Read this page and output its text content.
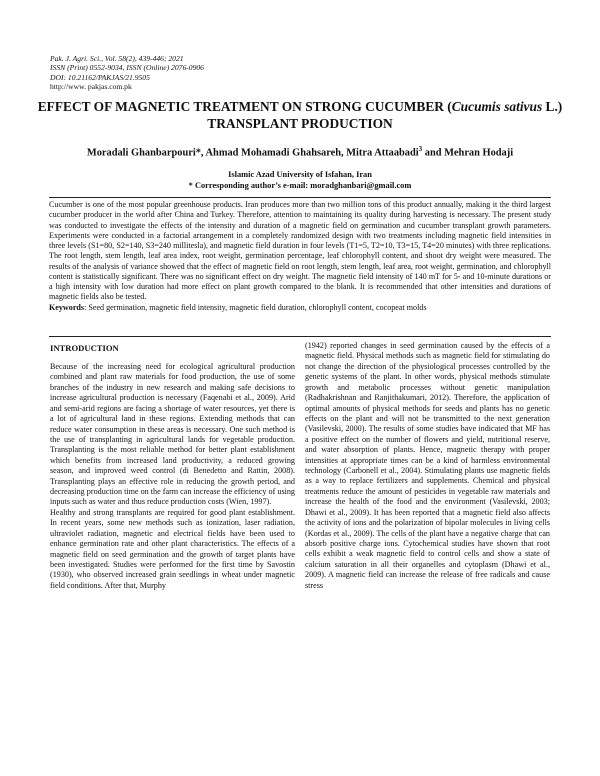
Pak. J. Agri. Sci., Vol. 58(2), 439-446; 2021
ISSN (Print) 0552-9034, ISSN (Online) 2076-0906
DOI: 10.21162/PAKJAS/21.9505
http://www. pakjas.com.pk
EFFECT OF MAGNETIC TREATMENT ON STRONG CUCUMBER (Cucumis sativus L.) TRANSPLANT PRODUCTION
Moradali Ghanbarpouri*, Ahmad Mohamadi Ghahsareh, Mitra Attaabadi$^3$ and Mehran Hodaji
Islamic Azad University of Isfahan, Iran
* Corresponding author’s e-mail: moradghanbari@gmail.com

Cucumber is one of the most popular greenhouse products. Iran produces more than two million tons of this product annually, making it the third largest cucumber producer in the world after China and Turkey. Therefore, attention to maintaining its quality during harvesting is necessary. The present study was conducted to investigate the effects of the intensity and duration of a magnetic field on germination and cucumber transplant growth parameters. Experiments were conducted in a factorial arrangement in a completely randomized design with two treatments including magnetic field intensities in three levels (S1=80, S2=140, S3=240 millitesla), and magnetic field duration in four levels (T1=5, T2=10, T3=15, T4=20 minutes) with three replications. The root length, stem length, leaf area index, root weight, germination percentage, leaf chlorophyll content, and shoot dry weight were measured. The results of the analysis of variance showed that the effect of magnetic field on root length, stem length, leaf area, root weight, germination, and chlorophyll content is statistically significant. There was no significant effect on dry weight. The magnetic field intensity of 140 mT for 5- and 10-minute durations or a high intensity with low duration had more effect on plant growth compared to the blank. It is recommended that other intensities and durations of magnetic fields also be tested.

Keywords: Seed germination, magnetic field intensity, magnetic field duration, chlorophyll content, cocopeat molds

INTRODUCTION

Because of the increasing need for ecological agricultural production combined and plant raw materials for food production, the use of some branches of the industry in new research and making safe decisions to increase agricultural production is necessary (Faqenabi et al., 2009). Arid and semi-arid regions are facing a shortage of water resources, yet there is a lot of agricultural land in these regions. Extending methods that can reduce water consumption in these areas is necessary. One such method is the use of transplanting in agricultural lands for vegetable production. Transplanting is the most reliable method for better plant establishment which benefits from increased land productivity, a reduced growing season, and improved weed control (di Benedetto and Rattin, 2008). Transplanting plays an effective role in reducing the growth period, and decreasing production time on the farm can increase the efficiency of using inputs such as water and thus reduce production costs (Wien, 1997).

Healthy and strong transplants are required for good plant establishment. In recent years, some new methods such as ionization, laser radiation, ultraviolet radiation, magnetic and electrical fields have been used to enhance germination rate and other plant characteristics. The effects of a magnetic field on seed germination and the growth of target plants have been investigated. Studies were performed for the first time by Savostin (1930), who observed increased grain seedlings in wheat under magnetic field conditions. After that, Murphy

(1942) reported changes in seed germination caused by the effects of a magnetic field. Physical methods such as magnetic field for stimulating do not change the direction of the physiological processes controlled by the genetic systems of the plant. In other words, physical methods stimulate growth and metabolic processes without genetic manipulation (Radhakrishnan and Ranjithakumari, 2012). Therefore, the application of optimal amounts of physical methods for seeds and plants has no genetic effects on the plant and will not be transmitted to the next generation (Vasilevski, 2000). The results of some studies have indicated that MF has a positive effect on the number of flowers and yield, nutritional reserve, and water absorption of plants. Hence, magnetic therapy with proper intensities at appropriate times can be a kind of harmless environmental technology (Carbonell et al., 2004). Stimulating plants use magnetic fields as a way to replace fertilizers and supplements. Chemical and physical treatments reduce the amount of pesticides in vegetable raw materials and increase the health of the food and the environment (Vasilevski, 2003; Dhawi et al., 2009). It has been reported that a magnetic field also affects the activity of ions and the polarization of bipolar molecules in living cells (Kordas et al., 2009). The cells of the plant have a negative charge that can absorb positive charge ions. Cytochemical studies have shown that root cells exhibit a weak magnetic field to control cells and show a state of calcium saturation in all their organelles and cytoplasm (Dhawi et al., 2009). A magnetic field can increase the release of free radicals and cause stress
